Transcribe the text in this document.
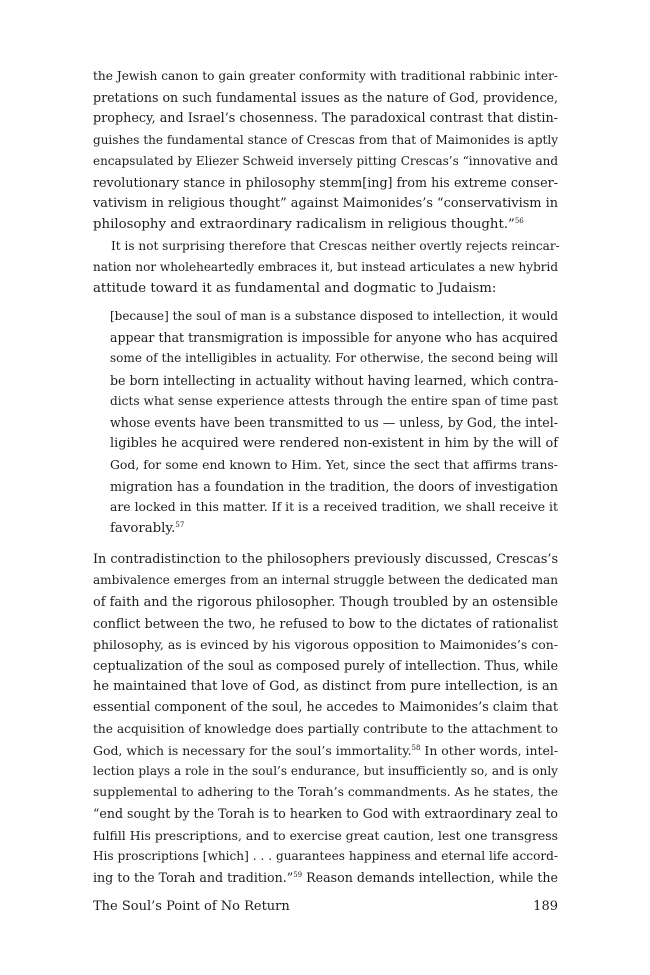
the Jewish canon to gain greater conformity with traditional rabbinic inter-
pretations on such fundamental issues as the nature of God, providence,
prophecy, and Israel’s chosenness. The paradoxical contrast that distin-
guishes the fundamental stance of Crescas from that of Maimonides is aptly
encapsulated by Eliezer Schweid inversely pitting Crescas’s “innovative and
revolutionary stance in philosophy stemm[ing] from his extreme conser-
vativism in religious thought” against Maimonides’s “conservativism in
philosophy and extraordinary radicalism in religious thought.”$^{56}$
It is not surprising therefore that Crescas neither overtly rejects reincar-
nation nor wholeheartedly embraces it, but instead articulates a new hybrid
attitude toward it as fundamental and dogmatic to Judaism:
[because] the soul of man is a substance disposed to intellection, it would
appear that transmigration is impossible for anyone who has acquired
some of the intelligibles in actuality. For otherwise, the second being will
be born intellecting in actuality without having learned, which contra-
dicts what sense experience attests through the entire span of time past
whose events have been transmitted to us — unless, by God, the intel-
ligibles he acquired were rendered non-existent in him by the will of
God, for some end known to Him. Yet, since the sect that affirms trans-
migration has a foundation in the tradition, the doors of investigation
are locked in this matter. If it is a received tradition, we shall receive it
favorably.$^{57}$
In contradistinction to the philosophers previously discussed, Crescas’s
ambivalence emerges from an internal struggle between the dedicated man
of faith and the rigorous philosopher. Though troubled by an ostensible
conflict between the two, he refused to bow to the dictates of rationalist
philosophy, as is evinced by his vigorous opposition to Maimonides’s con-
ceptualization of the soul as composed purely of intellection. Thus, while
he maintained that love of God, as distinct from pure intellection, is an
essential component of the soul, he accedes to Maimonides’s claim that
the acquisition of knowledge does partially contribute to the attachment to
God, which is necessary for the soul’s immortality.$^{58}$ In other words, intel-
lection plays a role in the soul’s endurance, but insufficiently so, and is only
supplemental to adhering to the Torah’s commandments. As he states, the
“end sought by the Torah is to hearken to God with extraordinary zeal to
fulfill His prescriptions, and to exercise great caution, lest one transgress
His proscriptions [which] . . . guarantees happiness and eternal life accord-
ing to the Torah and tradition.”$^{59}$ Reason demands intellection, while the
The Soul’s Point of No Return	189
